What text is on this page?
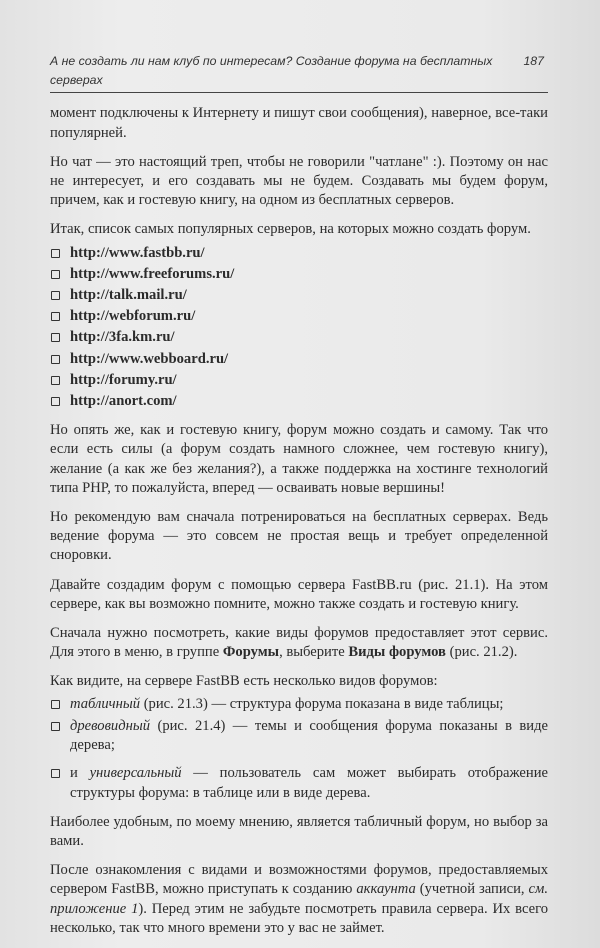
А не создать ли нам клуб по интересам? Создание форума на бесплатных серверах
187

момент подключены к Интернету и пишут свои сообщения), наверное, все-таки популярней.

Но чат — это настоящий треп, чтобы не говорили "чатлане" :). Поэтому он нас не интересует, и его создавать мы не будем. Создавать мы будем форум, причем, как и гостевую книгу, на одном из бесплатных серверов.

Итак, список самых популярных серверов, на которых можно создать форум.

http://www.fastbb.ru/
http://www.freeforums.ru/
http://talk.mail.ru/
http://webforum.ru/
http://3fa.km.ru/
http://www.webboard.ru/
http://forumy.ru/
http://anort.com/

Но опять же, как и гостевую книгу, форум можно создать и самому. Так что если есть силы (а форум создать намного сложнее, чем гостевую книгу), желание (а как же без желания?), а также поддержка на хостинге технологий типа PHP, то пожалуйста, вперед — осваивать новые вершины!

Но рекомендую вам сначала потренироваться на бесплатных серверах. Ведь ведение форума — это совсем не простая вещь и требует определенной сноровки.

Давайте создадим форум с помощью сервера FastBB.ru (рис. 21.1). На этом сервере, как вы возможно помните, можно также создать и гостевую книгу.

Сначала нужно посмотреть, какие виды форумов предоставляет этот сервис. Для этого в меню, в группе Форумы, выберите Виды форумов (рис. 21.2).

Как видите, на сервере FastBB есть несколько видов форумов:

табличный (рис. 21.3) — структура форума показана в виде таблицы;
древовидный (рис. 21.4) — темы и сообщения форума показаны в виде дерева;
и универсальный — пользователь сам может выбирать отображение структуры форума: в таблице или в виде дерева.

Наиболее удобным, по моему мнению, является табличный форум, но выбор за вами.

После ознакомления с видами и возможностями форумов, предоставляемых сервером FastBB, можно приступать к созданию аккаунта (учетной записи, см. приложение 1). Перед этим не забудьте посмотреть правила сервера. Их всего несколько, так что много времени это у вас не займет.
